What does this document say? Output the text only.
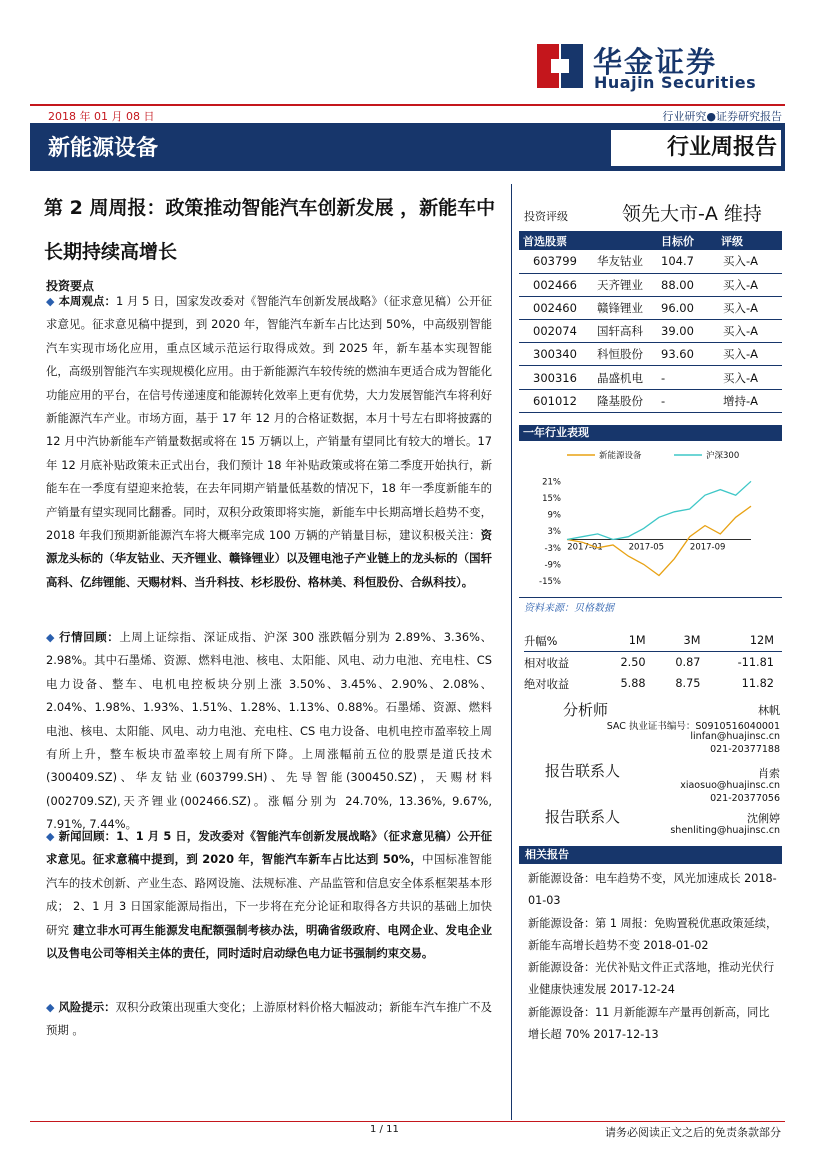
华金证券
Huajin Securities
2018 年 01 月 08 日	行业研究●证券研究报告
新能源设备	行业周报告
第 2 周周报：政策推动智能汽车创新发展 ，新能车中长期持续高增长
投资要点
◆ 本周观点：1 月 5 日，国家发改委对《智能汽车创新发展战略》（征求意见稿）公开征求意见。征求意见稿中提到，到 2020 年，智能汽车新车占比达到 50%，中高级别智能汽车实现市场化应用，重点区域示范运行取得成效。到 2025 年，新车基本实现智能化，高级别智能汽车实现规模化应用。由于新能源汽车较传统的燃油车更适合成为智能化功能应用的平台，在信号传递速度和能源转化效率上更有优势，大力发展智能汽车将利好新能源汽车产业。市场方面，基于 17 年 12 月的合格证数据，本月十号左右即将披露的 12 月中汽协新能车产销量数据或将在 15 万辆以上，产销量有望同比有较大的增长。17 年 12 月底补贴政策未正式出台，我们预计 18 年补贴政策或将在第二季度开始执行，新能车在一季度有望迎来抢装，在去年同期产销量低基数的情况下，18 年一季度新能车的产销量有望实现同比翻番。同时，双积分政策即将实施，新能车中长期高增长趋势不变，2018 年我们预期新能源汽车将大概率完成 100 万辆的产销量目标，建议积极关注：资源龙头标的（华友钴业、天齐锂业、赣锋锂业）以及锂电池子产业链上的龙头标的（国轩高科、亿纬锂能、天赐材料、当升科技、杉杉股份、格林美、科恒股份、合纵科技）。
◆ 行情回顾：上周上证综指、深证成指、沪深 300 涨跌幅分别为 2.89%、3.36%、2.98%。其中石墨烯、资源、燃料电池、核电、太阳能、风电、动力电池、充电柱、CS 电力设备、整车、电机电控板块分别上涨 3.50%、3.45%、2.90%、2.08%、2.04%、1.98%、1.93%、1.51%、1.28%、1.13%、0.88%。石墨烯、资源、燃料电池、核电、太阳能、风电、动力电池、充电柱、CS 电力设备、电机电控市盈率较上周有所上升，整车板块市盈率较上周有所下降。上周涨幅前五位的股票是道氏技术(300409.SZ)、华友钴业(603799.SH)、先导智能(300450.SZ)，天赐材料(002709.SZ),天齐锂业(002466.SZ)。涨幅分别为 24.70%, 13.36%, 9.67%, 7.91%, 7.44%。
◆ 新闻回顾：1、1 月 5 日，发改委对《智能汽车创新发展战略》（征求意见稿）公开征求意见。征求意稿中提到，到 2020 年，智能汽车新车占比达到 50%，中国标准智能汽车的技术创新、产业生态、路网设施、法规标准、产品监管和信息安全体系框架基本形成； 2、1 月 3 日国家能源局指出，下一步将在充分论证和取得各方共识的基础上加快研究 建立非水可再生能源发电配额强制考核办法，明确省级政府、电网企业、发电企业以及售电公司等相关主体的责任，同时适时启动绿色电力证书强制约束交易。
◆ 风险提示：双积分政策出现重大变化；上游原材料价格大幅波动；新能车汽车推广不及预期 。
投资评级	领先大市-A 维持
首选股票		目标价	评级
603799	华友钴业	104.7	买入-A
002466	天齐锂业	88.00	买入-A
002460	赣锋锂业	96.00	买入-A
002074	国轩高科	39.00	买入-A
300340	科恒股份	93.60	买入-A
300316	晶盛机电	-	买入-A
601012	隆基股份	-	增持-A
一年行业表现
新能源设备	沪深300
21%
15%
9%
3%
-3%
-9%
-15%
2017-01	2017-05	2017-09
资料来源：贝格数据
升幅%	1M	3M	12M
相对收益	2.50	0.87	-11.81
绝对收益	5.88	8.75	11.82
分析师	林帆
SAC 执业证书编号：S0910516040001
linfan@huajinsc.cn
021-20377188
报告联系人	肖索
xiaosuo@huajinsc.cn
021-20377056
报告联系人	沈俐婷
shenliting@huajinsc.cn
相关报告
新能源设备：电车趋势不变，风光加速成长 2018-01-03
新能源设备：第 1 周报：免购置税优惠政策延续，新能车高增长趋势不变 2018-01-02
新能源设备：光伏补贴文件正式落地，推动光伏行业健康快速发展 2017-12-24
新能源设备：11 月新能源车产量再创新高，同比增长超 70% 2017-12-13
1 / 11	请务必阅读正文之后的免责条款部分
